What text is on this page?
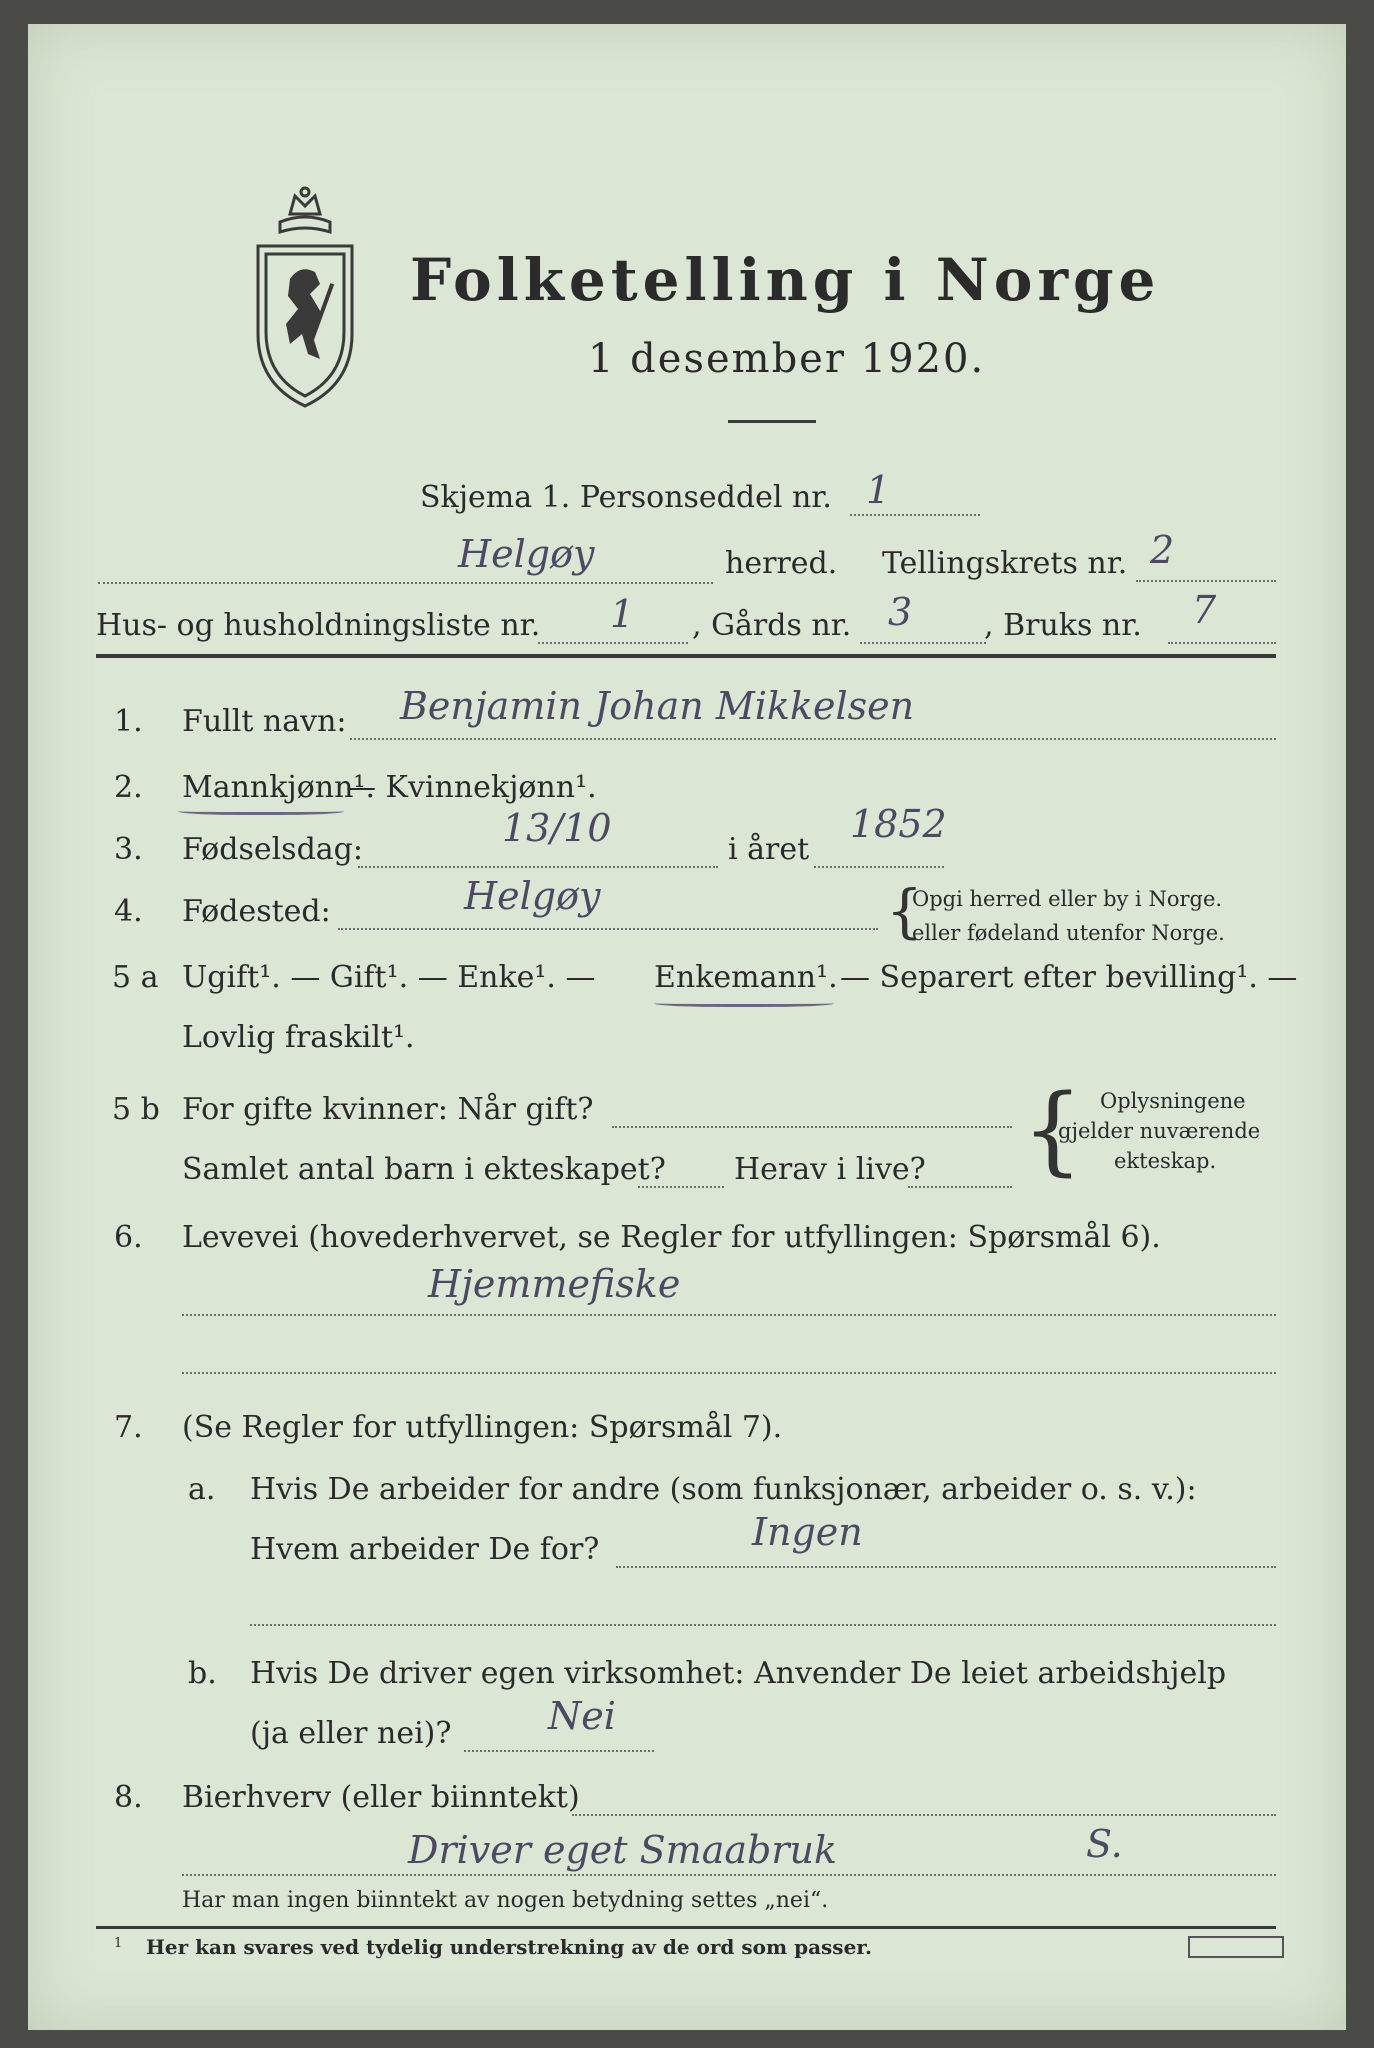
Folketelling i Norge
1 desember 1920.
Skjema 1. Personseddel nr. 1
Helgøy	herred. Tellingskrets nr. 2
Hus- og husholdningsliste nr. 1 , Gårds nr. 3 , Bruks nr. 7
1. Fullt navn: Benjamin Johan Mikkelsen
2. Mannkjønn¹.
— Kvinnekjønn¹.
3. Fødselsdag:	13/10	i året
1852
4. Fødested:	Helgøy	{
Opgi herred eller by i Norge.
eller fødeland utenfor Norge.
5 a Ugift¹. — Gift¹. — Enke¹. — Enkemann¹. — Separert efter bevilling¹. —
Lovlig fraskilt¹.
5 b For gifte kvinner: Når gift?
Samlet antal barn i ekteskapet? Herav i live? { Oplysningene
gjelder nuværende
ekteskap.
6. Levevei (hovederhvervet, se Regler for utfyllingen: Spørsmål 6).
Hjemmefiske
7. (Se Regler for utfyllingen: Spørsmål 7).
a. Hvis De arbeider for andre (som funksjonær, arbeider o. s. v.):
Hvem arbeider De for?	Ingen
b. Hvis De driver egen virksomhet: Anvender De leiet arbeidshjelp
(ja eller nei)?	Nei
8. Bierhverv (eller biinntekt)
Driver eget Smaabruk	S.
Har man ingen biinntekt av nogen betydning settes „nei“.
1 Her kan svares ved tydelig understrekning av de ord som passer.
